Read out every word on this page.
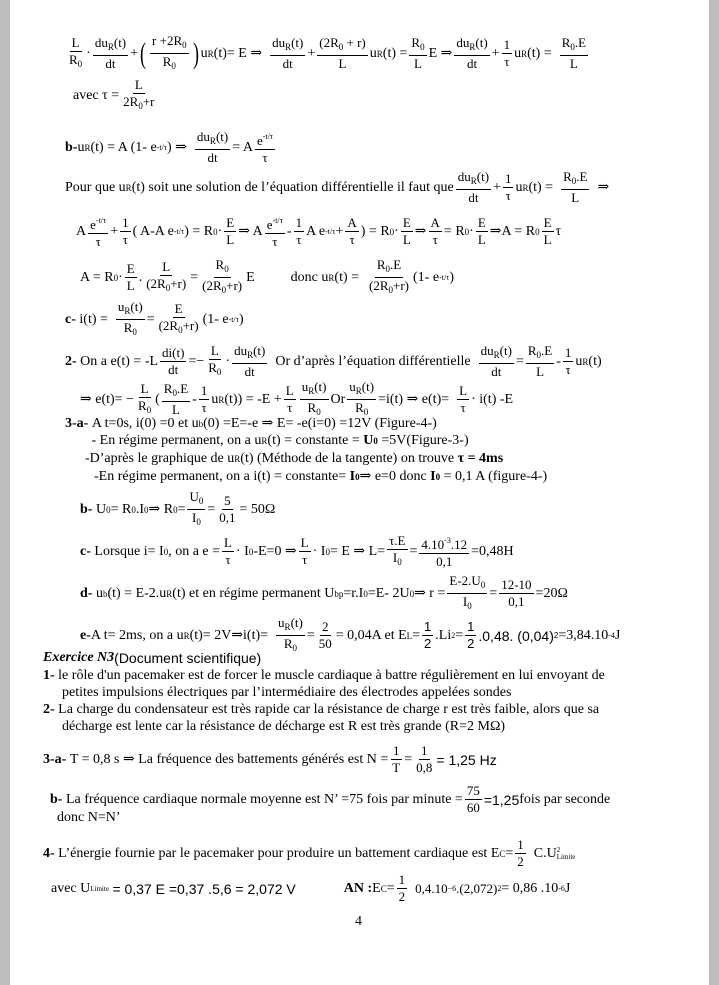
$\frac{L}{R_0} \cdot \frac{du_R(t)}{dt}$ + ( $\frac{r +2R_0}{R_0}$ ) u R (t)= E ⇒ $\frac{du_R(t)}{dt} + \frac{(2R_0 + r)}{L}$ u R $(t) = \frac{R_0}{L}$ E ⇒ $\frac{du_R(t)}{dt} + \frac{1}{\tau}$ u R $(t) = \frac{R_0.E}{L}$
avec $\tau = \frac{L}{2R_0+r}$
b- u R (t) = A (1- e -t/τ ) ⇒ $\frac{du_R(t)}{dt} = A \frac{e^{-t/\tau}}{\tau}$
Pour que u R (t) soit une solution de l’équation différentielle il faut que $\frac{du_R(t)}{dt} + \frac{1}{\tau}$ u R $(t) = \frac{R_0.E}{L}$ ⇒
A $\frac{e^{-t/\tau}}{\tau} + \frac{1}{\tau}$ ( A-A e -t/τ ) = R $0 \cdot \frac{E}{L}$ ⇒ A $\frac{e^{-t/\tau}}{\tau} - \frac{1}{\tau}$ A e $-t/\tau + \frac{A}{\tau}$ ) = R $0 \cdot \frac{E}{L}$ ⇒ $\frac{A}{\tau} = R$ $0 \cdot \frac{E}{L}$ ⇒A = R $0 \frac{E}{L}$ τ
A = R $0 \cdot \frac{E}{L}$ . $\frac{L}{(2R_0+r)} = \frac{R_0}{(2R_0+r)}$ E	donc u R $(t) = \frac{R_0.E}{(2R_0+r)} (1-$ e -t/τ )
c-
$i(t) = \frac{u_R(t)}{R_0} = \frac{E}{(2R_0+r)} (1-$ e -t/τ )
2-
On a $e(t) = -L \frac{di(t)}{dt} =- \frac{L}{R_0} \cdot \frac{du_R(t)}{dt}$ Or d’après l’équation différentielle $\frac{du_R(t)}{dt} = \frac{R_0.E}{L} - \frac{1}{\tau}$ u R (t)
⇒ $e(t)= - \frac{L}{R_0}$ ( $\frac{R_0.E}{L} - \frac{1}{\tau}$ u R $(t)) = -E + \frac{L}{\tau} \frac{u_R(t)}{R_0}$ Or $\frac{u_R(t)}{R_0} =i(t)$ ⇒ $e(t)= \frac{L}{\tau} \cdot i(t)$ -E
3-a-
A t=0s, i(0) =0 et u b (0) =E=-e ⇒ E= -e(i=0) =12V (Figure-4-)

- En régime permanent, on a u R (t) = constante =
U 0
=5V(Figure-3-)
-D’après le graphique de u R (t) (Méthode de la tangente) on trouve
τ = 4ms
-En régime permanent, on a i(t) = constante=
I 0 ⇒ e=0 donc
I 0
= 0,1 A (figure-4-)
b-
U 0 = R 0 .I 0 ⇒ R $0 = \frac{U_0}{I_0} = \frac{5}{0,1} = 50\Omega$
c-
Lorsque i= I 0 , on a $e = \frac{L}{\tau} \cdot I$ 0 -E=0 ⇒ $\frac{L}{\tau} \cdot I$ 0 = E ⇒ $L= \frac{\tau.E}{I_0} = \frac{4.10^{-3}.12}{0,1} =0,48H$
d-
u b (t) = E-2.u R (t) et en régime permanent U bp =r.I 0 =E- 2U 0 ⇒ $r = \frac{E-2.U_0}{I_0} = \frac{12-10}{0,1} =20\Omega$
e- A t= 2ms, on a u R (t)= 2V⇒i(t)= $\frac{u_R(t)}{R_0} = \frac{2}{50} = 0,04A$ et E $L = \frac{1}{2} .Li$ $2 = \frac{1}{2} .0,48$. (0,04) 2 =3,84.10 -4 J
Exercice N3 (Document scientifique)
1- le rôle d'un pacemaker est de forcer le muscle cardiaque à battre régulièrement en lui envoyant de
petites impulsions électriques par l’intermédiaire des électrodes appelées sondes
2- La charge du condensateur est très rapide car la résistance de charge r est très faible, alors que sa
décharge est lente car la résistance de décharge est R est très grande (R=2 MΩ)
3-a-
T = 0,8 s ⇒ La fréquence des battements générés est $N = \frac{1}{T} = \frac{1}{0,8} = 1,25$ Hz
b-
La fréquence cardiaque normale moyenne est N’ =75 fois par minute = $\frac{75}{60} =1,25$ fois par seconde
donc N=N’
4-
L’énergie fournie par le pacemaker pour produire un battement cardiaque est E $C = \frac{1}{2} C.U$ 2
Limite
avec U Limite
= 0,37 E =0,37 .5,6 = 2,072 V	AN : E $C = \frac{1}{2} 0,4.10 -6$ .(2,072) 2 = 0,86 .10 -6 J
4
